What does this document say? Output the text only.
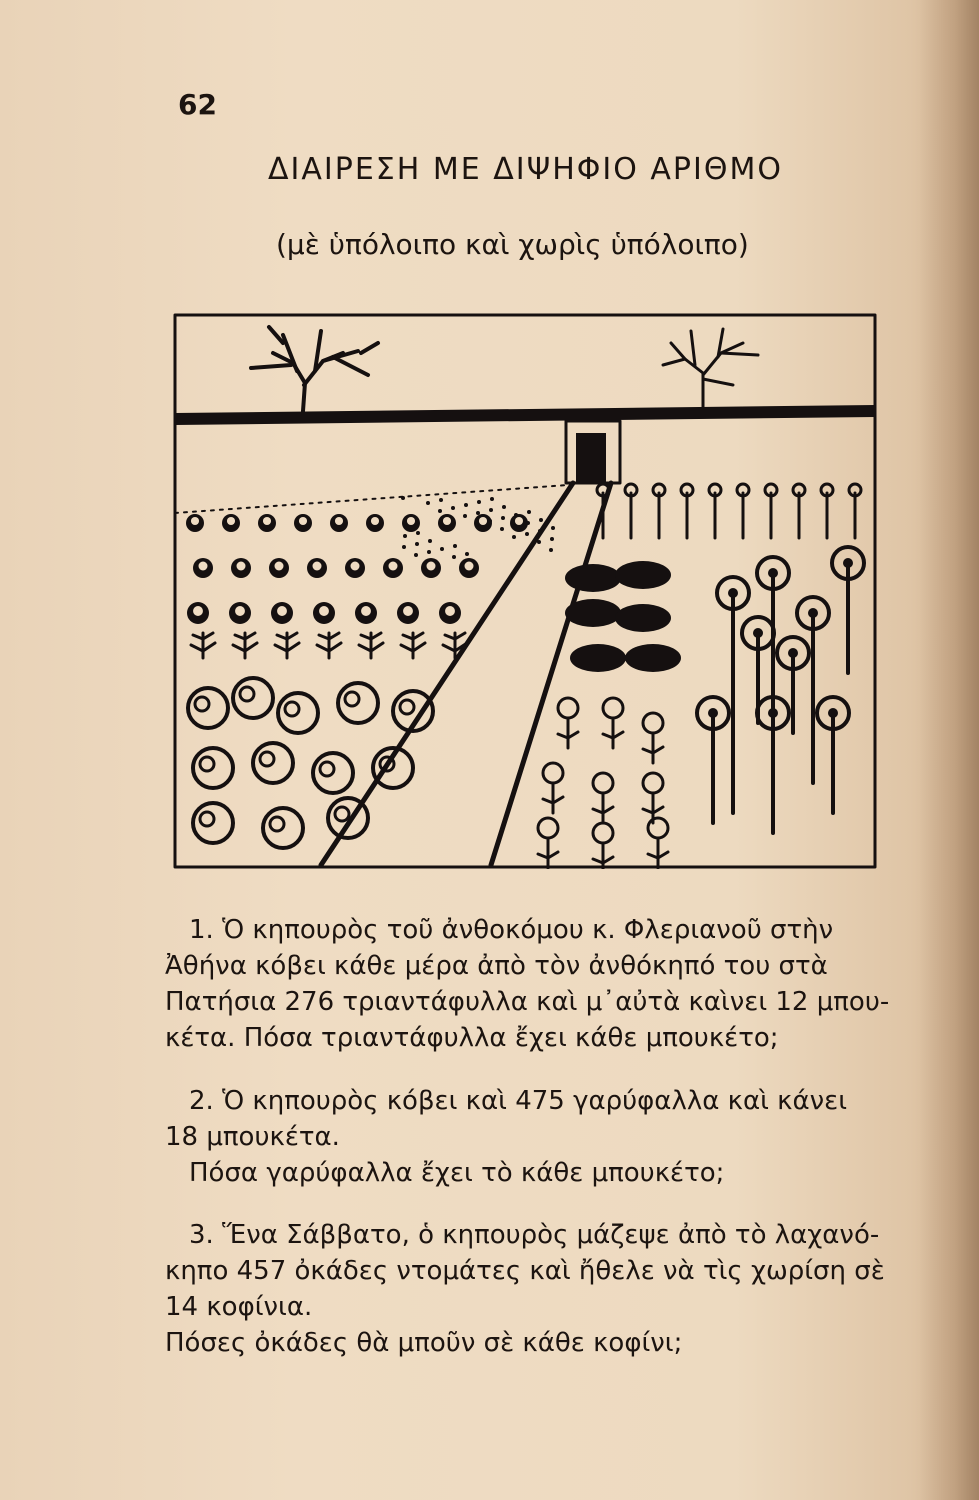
62
ΔΙΑΙΡΕΣΗ ΜΕ ΔΙΨΗΦΙΟ ΑΡΙΘΜΟ
(μὲ ὑπόλοιπο καὶ χωρὶς ὑπόλοιπο)

1. Ὁ κηπουρὸς τοῦ ἀνθοκόμου κ. Φλεριανοῦ στὴν

Ἀθήνα κόβει κάθε μέρα ἀπὸ τὸν ἀνθόκηπό του στὰ

Πατήσια 276 τριαντάφυλλα καὶ μ᾽αὐτὰ καὶνει 12 μπου-

κέτα. Πόσα τριαντάφυλλα ἔχει κάθε μπουκέτο;

2. Ὁ κηπουρὸς κόβει καὶ 475 γαρύφαλλα καὶ κάνει

18 μπουκέτα.

Πόσα γαρύφαλλα ἔχει τὸ κάθε μπουκέτο;

3. Ἕνα Σάββατο, ὁ κηπουρὸς μάζεψε ἀπὸ τὸ λαχανό-

κηπο 457 ὀκάδες ντομάτες καὶ ἤθελε νὰ τὶς χωρίση σὲ

14 κοφίνια.

Πόσες ὀκάδες θὰ μποῦν σὲ κάθε κοφίνι;
